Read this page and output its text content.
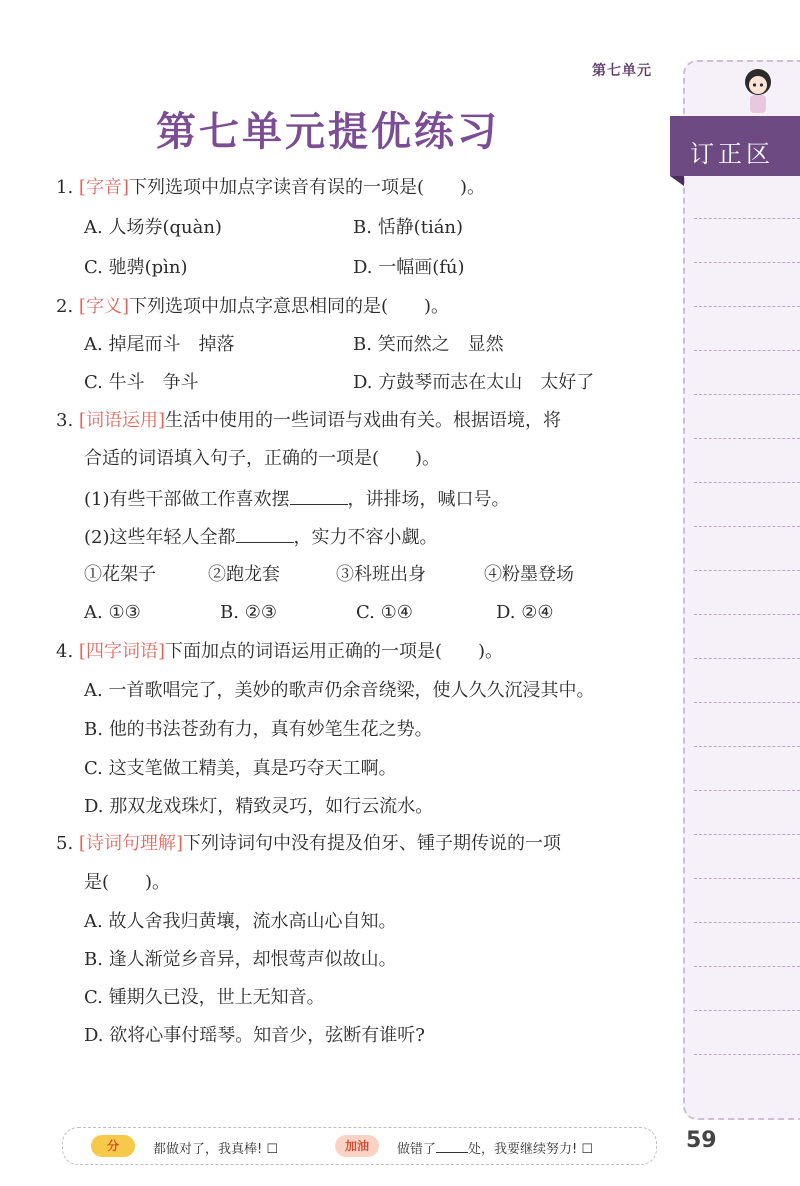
第七单元
第七单元提优练习	订正区
1. [字音]下列选项中加点字读音有误的一项是(　　)。
A. 人场券(quàn)	B. 恬静(tián)
C. 驰骋(pìn)	D. 一幅画(fú)
2. [字义]下列选项中加点字意思相同的是(　　)。
A. 掉尾而斗　掉落	B. 笑而然之　显然
C. 牛斗　争斗	D. 方鼓琴而志在太山　太好了
3. [词语运用]生活中使用的一些词语与戏曲有关。根据语境，将
合适的词语填入句子，正确的一项是(　　)。
(1)有些干部做工作喜欢摆	，讲排场，喊口号。
(2)这些年轻人全都	，实力不容小觑。
①花架子	②跑龙套	③科班出身	④粉墨登场
A. ①③	B. ②③	C. ①④	D. ②④
4. [四字词语]下面加点的词语运用正确的一项是(　　)。
A. 一首歌唱完了，美妙的歌声仍余音绕梁，使人久久沉浸其中。
B. 他的书法苍劲有力，真有妙笔生花之势。
C. 这支笔做工精美，真是巧夺天工啊。
D. 那双龙戏珠灯，精致灵巧，如行云流水。
5. [诗词句理解]下列诗词句中没有提及伯牙、锺子期传说的一项
是(　　)。
A. 故人舍我归黄壤，流水高山心自知。
B. 逢人渐觉乡音异，却恨莺声似故山。
C. 锺期久已没，世上无知音。
D. 欲将心事付瑶琴。知音少，弦断有谁听?
分	都做对了，我真棒! ☐	加油	做错了 处，我要继续努力! ☐	59
